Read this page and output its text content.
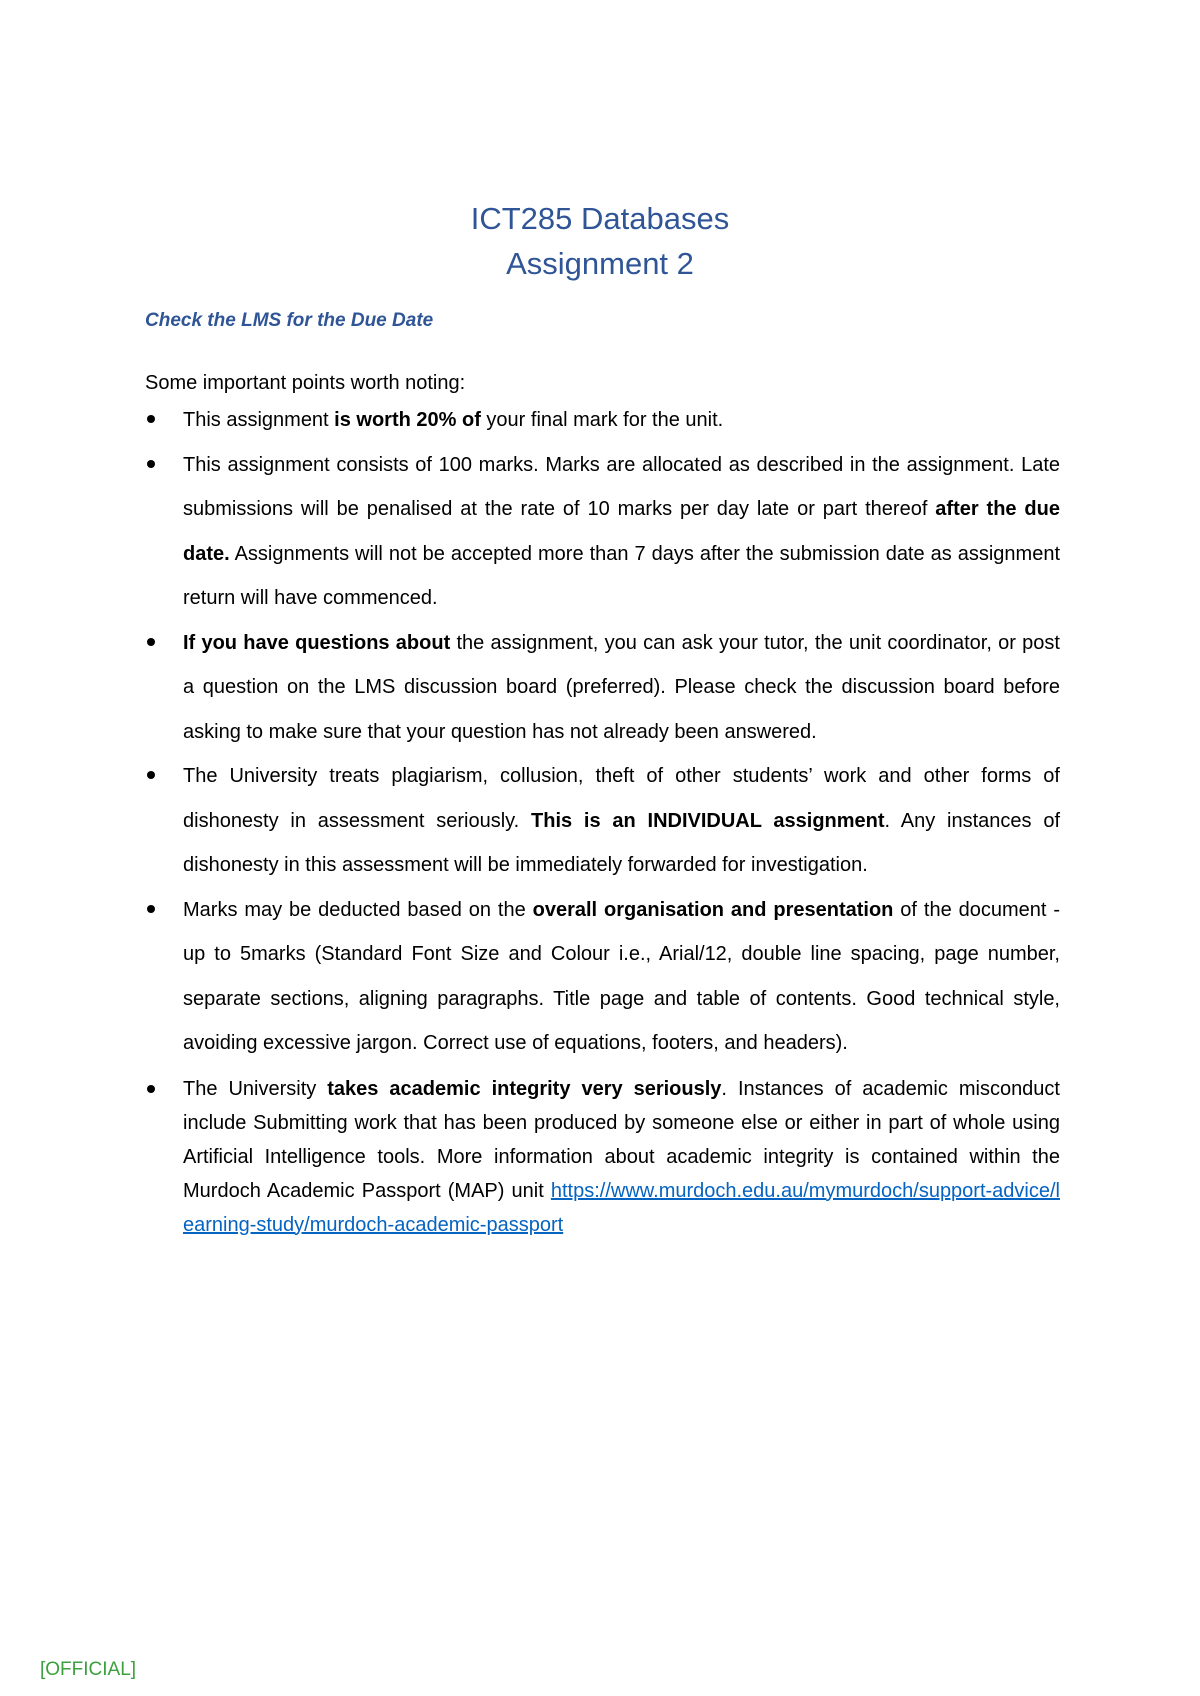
ICT285 Databases
Assignment 2
Check the LMS for the Due Date
Some important points worth noting:
This assignment is worth 20% of your final mark for the unit.
This assignment consists of 100 marks. Marks are allocated as described in the assignment. Late submissions will be penalised at the rate of 10 marks per day late or part thereof after the due date. Assignments will not be accepted more than 7 days after the submission date as assignment return will have commenced.
If you have questions about the assignment, you can ask your tutor, the unit coordinator, or post a question on the LMS discussion board (preferred). Please check the discussion board before asking to make sure that your question has not already been answered.
The University treats plagiarism, collusion, theft of other students’ work and other forms of dishonesty in assessment seriously. This is an INDIVIDUAL assignment. Any instances of dishonesty in this assessment will be immediately forwarded for investigation.
Marks may be deducted based on the overall organisation and presentation of the document -up to 5marks (Standard Font Size and Colour i.e., Arial/12, double line spacing, page number, separate sections, aligning paragraphs. Title page and table of contents. Good technical style, avoiding excessive jargon. Correct use of equations, footers, and headers).
The University takes academic integrity very seriously. Instances of academic misconduct include Submitting work that has been produced by someone else or either in part of whole using Artificial Intelligence tools. More information about academic integrity is contained within the Murdoch Academic Passport (MAP) unit https://www.murdoch.edu.au/mymurdoch/support-advice/learning-study/murdoch-academic-passport
[OFFICIAL]
